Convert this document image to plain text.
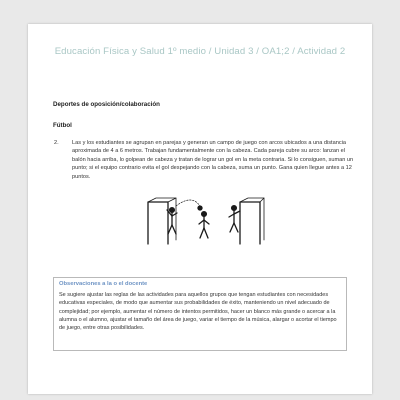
Educación Física y Salud 1º medio / Unidad 3 / OA1;2 / Actividad 2
Deportes de oposición/colaboración
Fútbol
2.	Las y los estudiantes se agrupan en parejas y generan un campo de juego con arcos ubicados a una distancia aproximada de 4 a 6 metros. Trabajan fundamentalmente con la cabeza. Cada pareja cubre su arco: lanzan el balón hacia arriba, lo golpean de cabeza y tratan de lograr un gol en la meta contraria. Si lo consiguen, suman un punto; si el equipo contrario evita el gol despejando con la cabeza, suma un punto. Gana quien llegue antes a 12 puntos.
Observaciones a la o el docente
Se sugiere ajustar las reglas de las actividades para aquellos grupos que tengan estudiantes con necesidades educativas especiales, de modo que aumentar sus probabilidades de éxito, manteniendo un nivel adecuado de complejidad; por ejemplo, aumentar el número de intentos permitidos, hacer un blanco más grande o acercar a la alumna o el alumno, ajustar el tamaño del área de juego, variar el tiempo de la música, alargar o acortar el tiempo de juego, entre otras posibilidades.
